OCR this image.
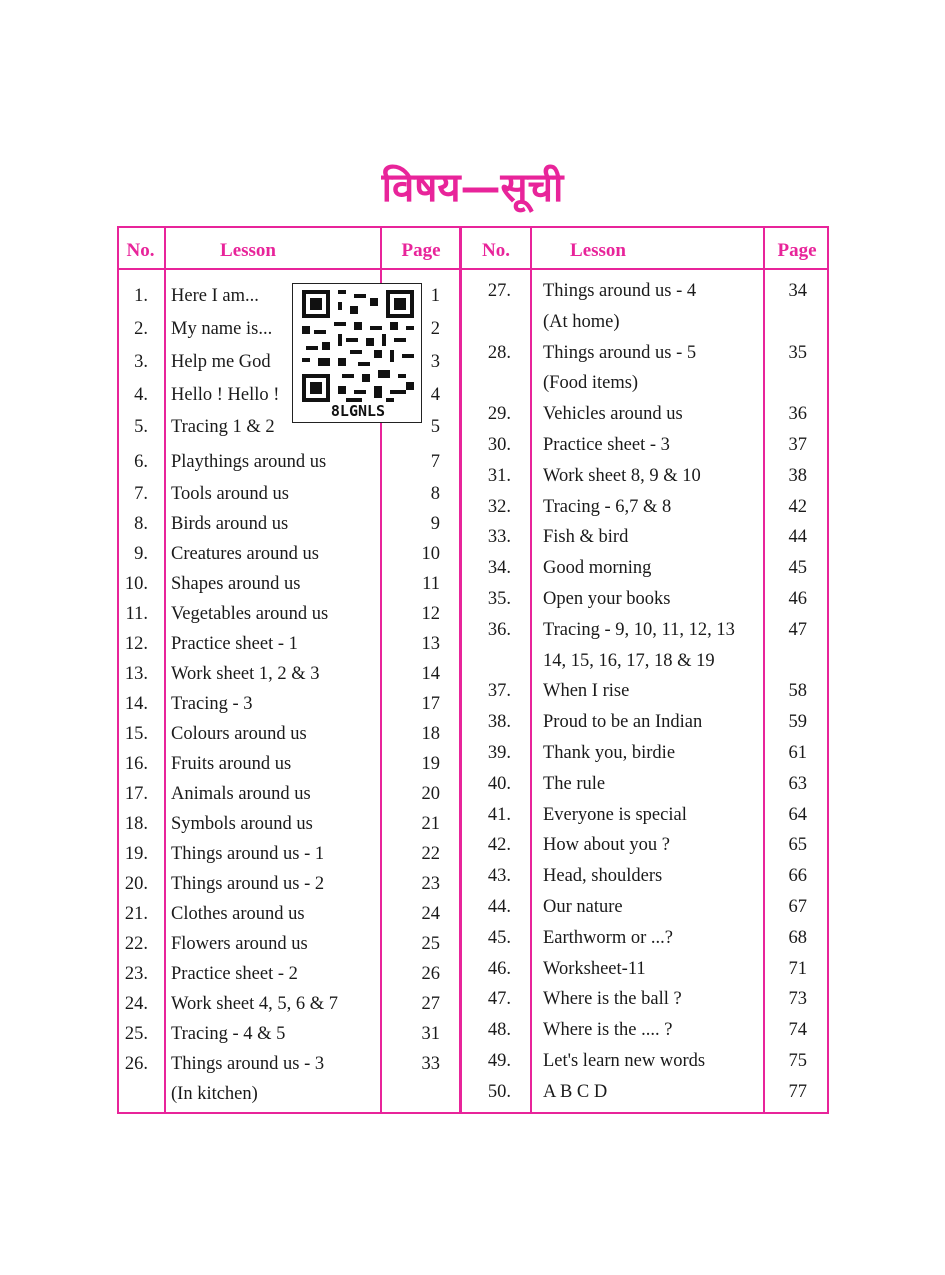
विषय—सूची
No.	Lesson	Page	No.	Lesson	Page
1. Here I am...	1
2. My name is...	2
3. Help me God	3
4. Hello ! Hello !	4
5. Tracing 1 & 2	5
6. Playthings around us	7
7. Tools around us	8
8. Birds around us	9
9. Creatures around us	10
10. Shapes around us	11
11. Vegetables around us	12
12. Practice sheet - 1	13
13. Work sheet 1, 2 & 3	14
14. Tracing - 3	17
15. Colours around us	18
16. Fruits around us	19
17. Animals around us	20
18. Symbols around us	21
19. Things around us - 1	22
20. Things around us - 2	23
21. Clothes around us	24
22. Flowers around us	25
23. Practice sheet - 2	26
24. Work sheet 4, 5, 6 & 7	27
25. Tracing - 4 & 5	31
26. Things around us - 3	33
(In kitchen)
27. Things around us - 4	34
(At home)
28. Things around us - 5	35
(Food items)
29. Vehicles around us	36
30. Practice sheet - 3	37
31. Work sheet 8, 9 & 10	38
32. Tracing - 6,7 & 8	42
33. Fish & bird	44
34. Good morning	45
35. Open your books	46
36. Tracing - 9, 10, 11, 12, 13	47
14, 15, 16, 17, 18 & 19
37. When I rise	58
38. Proud to be an Indian	59
39. Thank you, birdie	61
40. The rule	63
41. Everyone is special	64
42. How about you ?	65
43. Head, shoulders	66
44. Our nature	67
45. Earthworm or ...?	68
46. Worksheet-11	71
47. Where is the ball ?	73
48. Where is the .... ?	74
49. Let's learn new words	75
50. A B C D	77
8LGNLS
